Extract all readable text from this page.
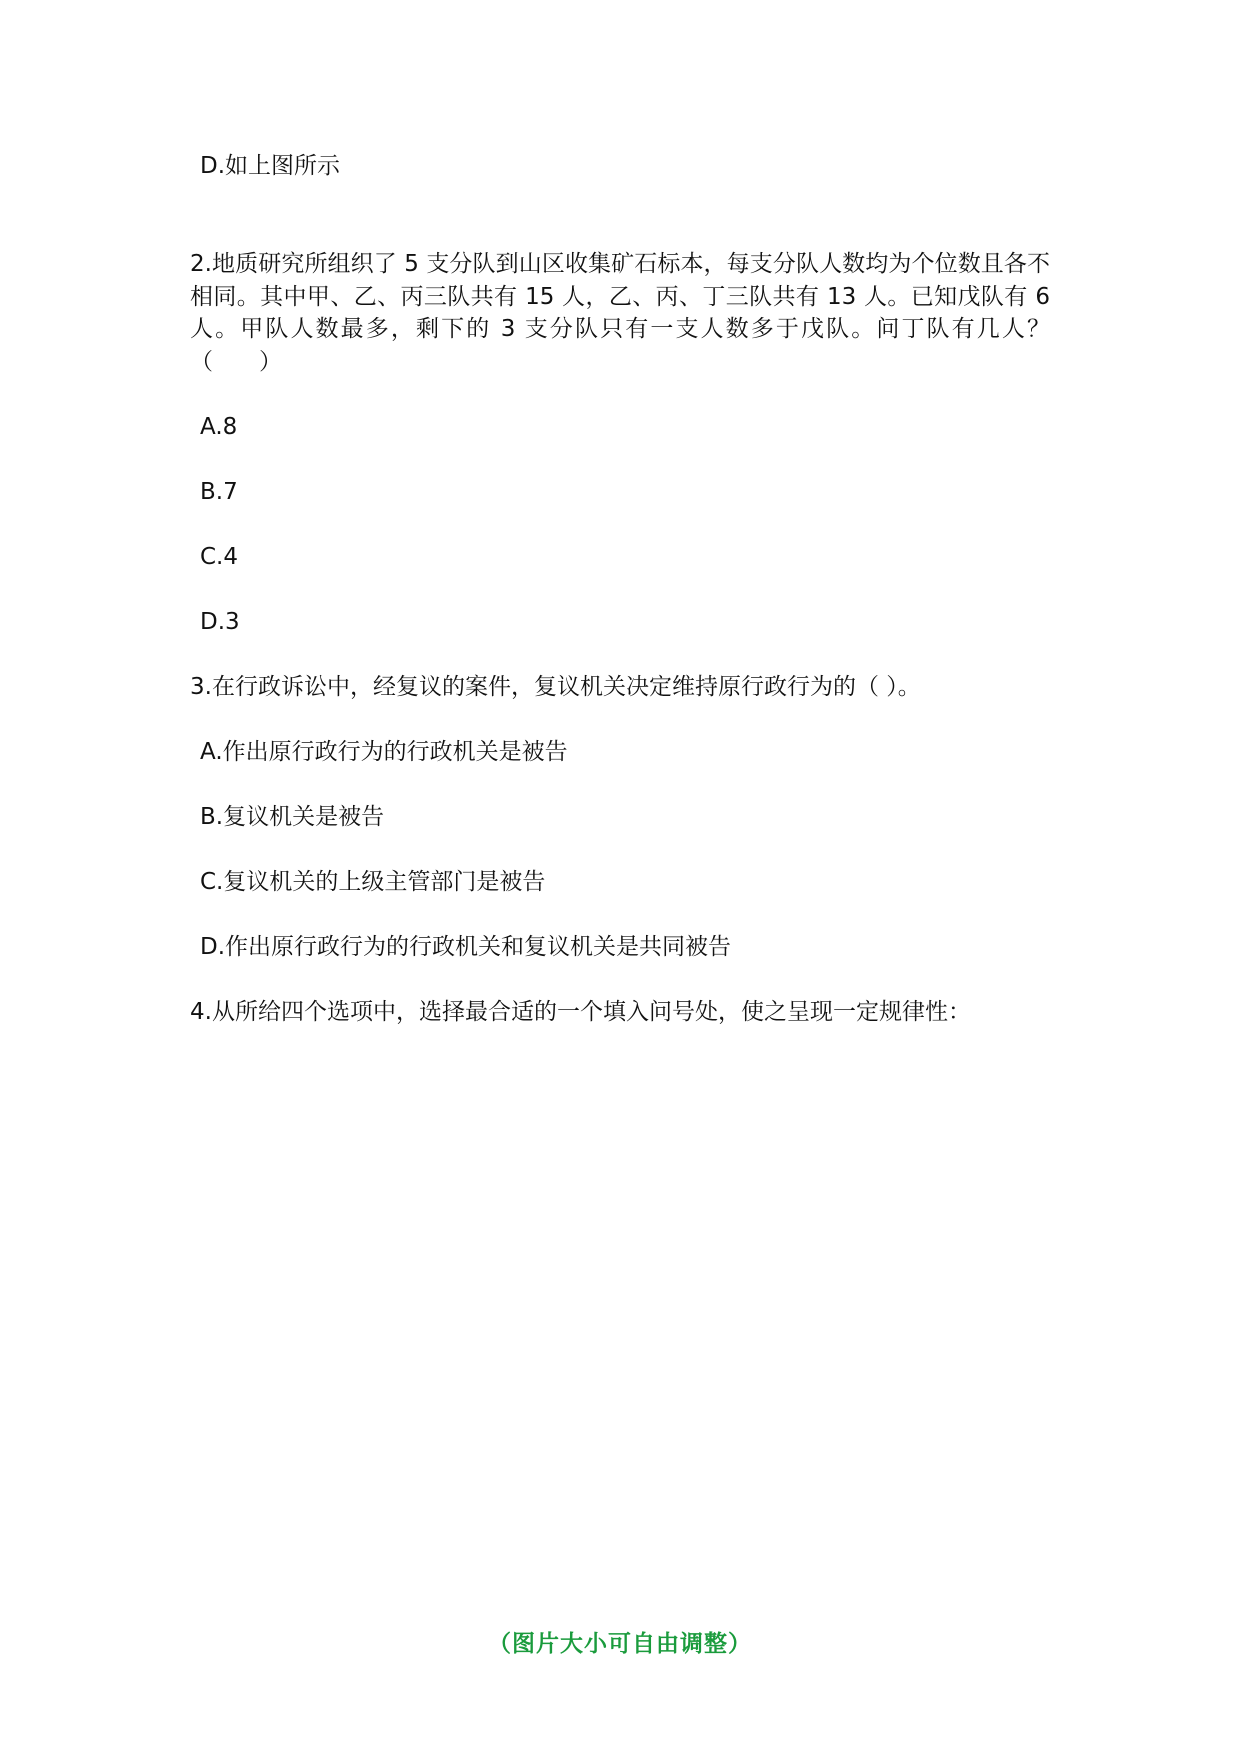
D.如上图所示
2.地质研究所组织了 5 支分队到山区收集矿石标本，每支分队人数均为个位数且各不相同。其中甲、乙、丙三队共有 15 人，乙、丙、丁三队共有 13 人。已知戊队有 6 人。甲队人数最多，剩下的 3 支分队只有一支人数多于戊队。问丁队有几人？（　　）
A.8
B.7
C.4
D.3
3.在行政诉讼中，经复议的案件，复议机关决定维持原行政行为的（ ）。
A.作出原行政行为的行政机关是被告
B.复议机关是被告
C.复议机关的上级主管部门是被告
D.作出原行政行为的行政机关和复议机关是共同被告
4.从所给四个选项中，选择最合适的一个填入问号处，使之呈现一定规律性：
（图片大小可自由调整）
